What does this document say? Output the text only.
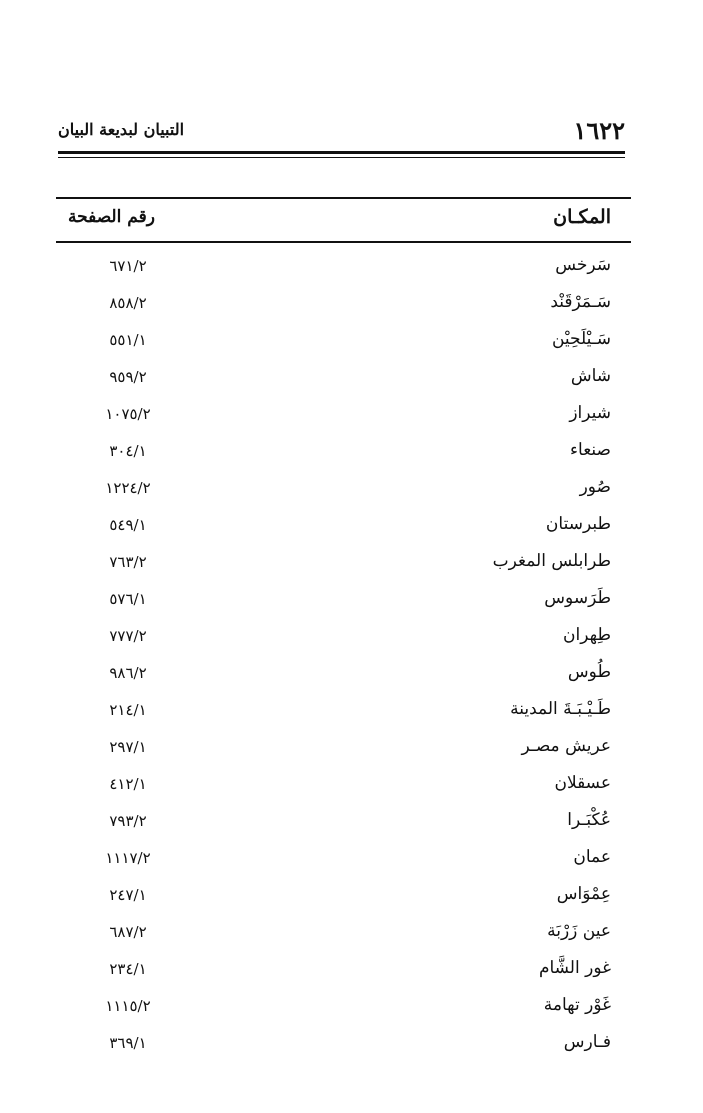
١٦٢٢
التبيان لبديعة البيان
المكـان
رقم الصفحة
سَرخس
٦٧١/٢
سَـمَرْقَنْد
٨٥٨/٢
سَـيْلَحِيْن
٥٥١/١
شاش
٩٥٩/٢
شيراز
١٠٧٥/٢
صنعاء
٣٠٤/١
صُور
١٢٢٤/٢
طبرستان
٥٤٩/١
طرابلس المغرب
٧٦٣/٢
طَرَسوس
٥٧٦/١
طِهران
٧٧٧/٢
طُوس
٩٨٦/٢
طَـيْـبَـةَ المدينة
٢١٤/١
عريش مصـر
٢٩٧/١
عسقلان
٤١٢/١
عُكْبَـرا
٧٩٣/٢
عمان
١١١٧/٢
عِمْوَاس
٢٤٧/١
عين زَرْبَة
٦٨٧/٢
غور الشَّام
٢٣٤/١
غَوْر تهامة
١١١٥/٢
فـارس
٣٦٩/١
